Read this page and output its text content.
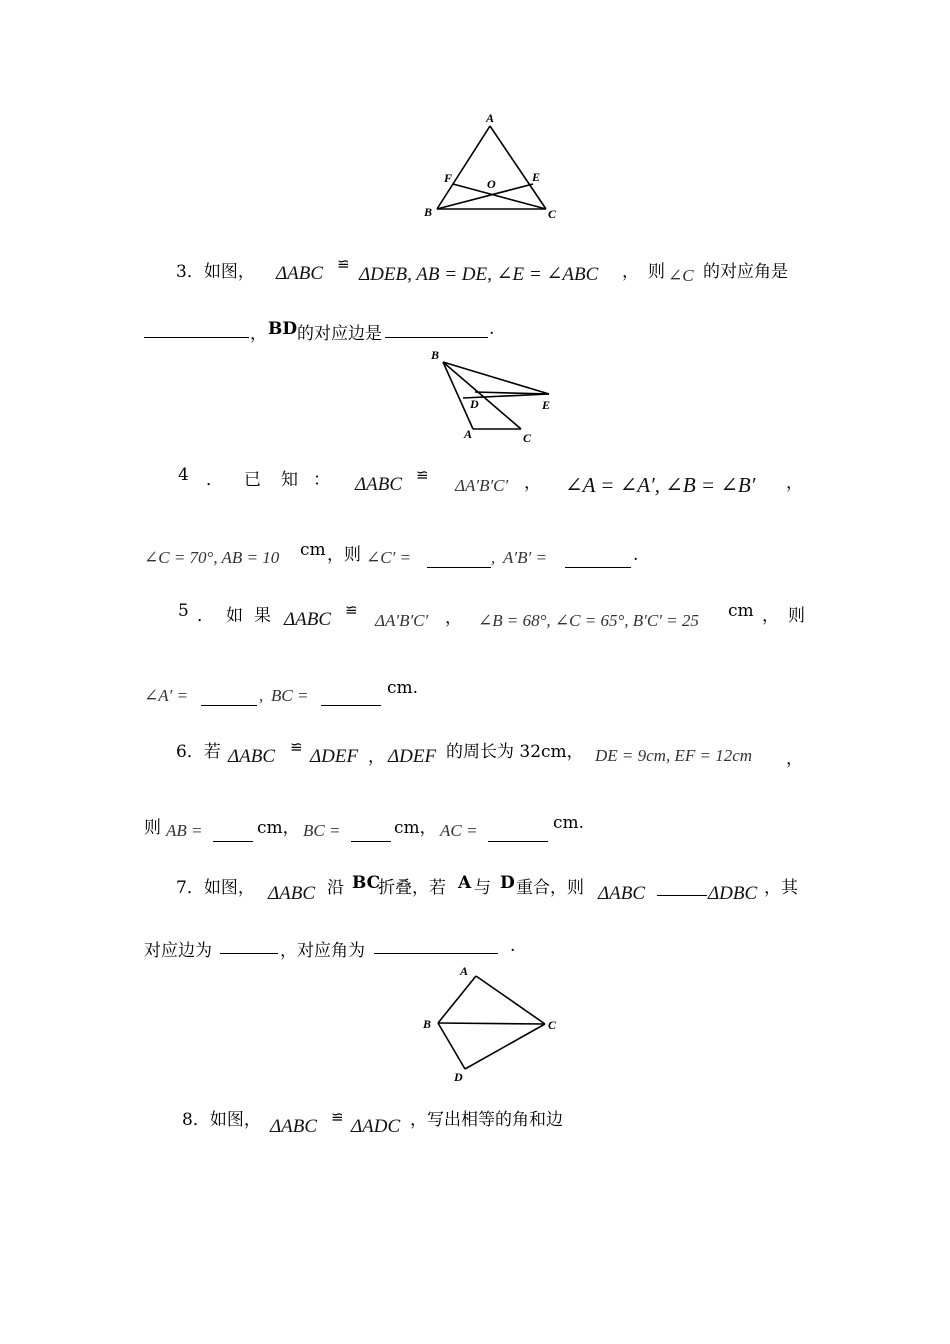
A
F	O	E
B	C
3．如图， ΔABC ≌ ΔDEB, AB = DE, ∠E = ∠ABC ， 则 ∠C 的对应角是
， BD 的对应边是	.
B
D	E
A	C
4 ． 已 知 ： ΔABC ≌
ΔA′B′C′ ， ∠A = ∠A′, ∠B = ∠B′ ，
∠C = 70°, AB = 10 cm ，则 ∠C′ =	, A′B′ =	.
5 ． 如 果 ΔABC ≌
ΔA′B′C′ ， ∠B = 68°, ∠C = 65°, B′C′ = 25 cm ， 则
∠A′ =	, BC =	cm.
6．若 ΔABC ≌ ΔDEF ， ΔDEF 的周长为 32cm， DE = 9cm, EF = 12cm ，
则 AB =	cm， BC =	cm， AC =	cm.
7．如图， ΔABC 沿 BC
折叠，若 A 与 D 重合，则 ΔABC	ΔDBC ，其
对应边为	，对应角为	.
A
B	C
D
8．如图， ΔABC ≌ ΔADC ，写出相等的角和边
